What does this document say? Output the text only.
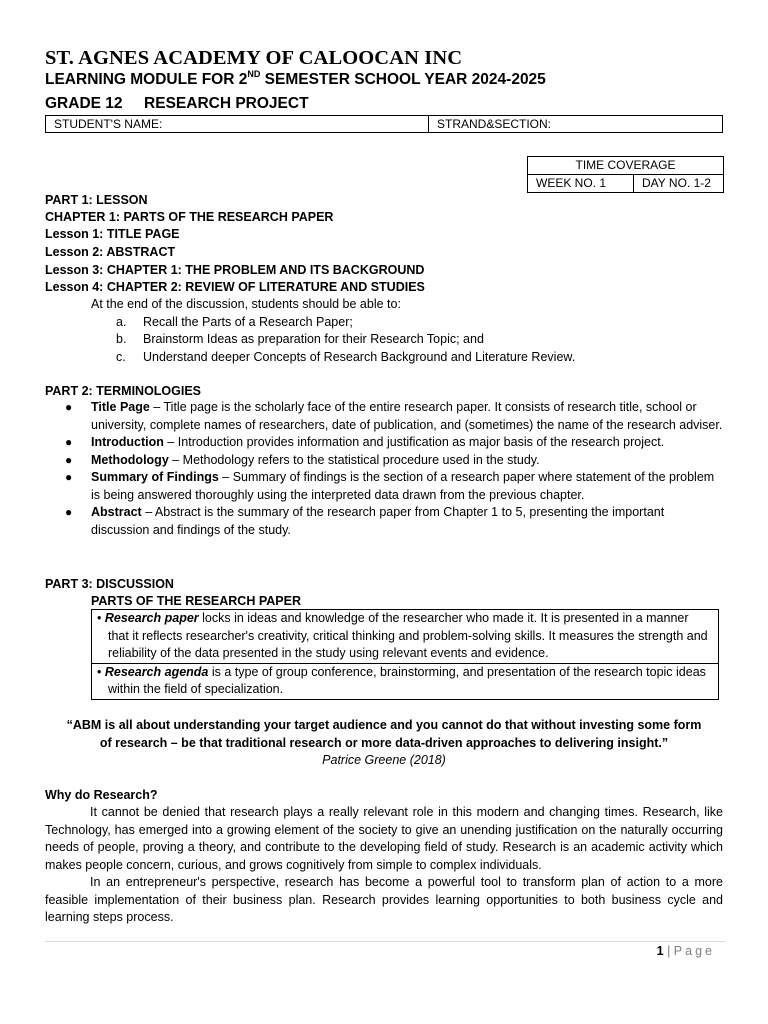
ST. AGNES ACADEMY OF CALOOCAN INC
LEARNING MODULE FOR 2ND SEMESTER SCHOOL YEAR 2024-2025
GRADE 12     RESEARCH PROJECT
STUDENT'S NAME:	STRAND&SECTION:
TIME COVERAGE
WEEK NO. 1	DAY NO. 1-2
PART 1: LESSON
CHAPTER 1: PARTS OF THE RESEARCH PAPER
Lesson 1: TITLE PAGE
Lesson 2: ABSTRACT
Lesson 3: CHAPTER 1: THE PROBLEM AND ITS BACKGROUND
Lesson 4: CHAPTER 2: REVIEW OF LITERATURE AND STUDIES
At the end of the discussion, students should be able to:
a. Recall the Parts of a Research Paper;
b. Brainstorm Ideas as preparation for their Research Topic; and
c. Understand deeper Concepts of Research Background and Literature Review.
PART 2: TERMINOLOGIES
● Title Page – Title page is the scholarly face of the entire research paper. It consists of research title, school or university, complete names of researchers, date of publication, and (sometimes) the name of the research adviser.
● Introduction – Introduction provides information and justification as major basis of the research project.
● Methodology – Methodology refers to the statistical procedure used in the study.
● Summary of Findings – Summary of findings is the section of a research paper where statement of the problem is being answered thoroughly using the interpreted data drawn from the previous chapter.
● Abstract – Abstract is the summary of the research paper from Chapter 1 to 5, presenting the important discussion and findings of the study.
PART 3: DISCUSSION
PARTS OF THE RESEARCH PAPER
• Research paper locks in ideas and knowledge of the researcher who made it. It is presented in a manner that it reflects researcher's creativity, critical thinking and problem-solving skills. It measures the strength and reliability of the data presented in the study using relevant events and evidence.
• Research agenda is a type of group conference, brainstorming, and presentation of the research topic ideas within the field of specialization.
“ABM is all about understanding your target audience and you cannot do that without investing some form of research – be that traditional research or more data-driven approaches to delivering insight.”
Patrice Greene (2018)
Why do Research?
It cannot be denied that research plays a really relevant role in this modern and changing times. Research, like Technology, has emerged into a growing element of the society to give an unending justification on the naturally occurring needs of people, proving a theory, and contribute to the developing field of study. Research is an academic activity which makes people concern, curious, and grows cognitively from simple to complex individuals.
In an entrepreneur's perspective, research has become a powerful tool to transform plan of action to a more feasible implementation of their business plan. Research provides learning opportunities to both business cycle and learning steps process.
1 | Page
